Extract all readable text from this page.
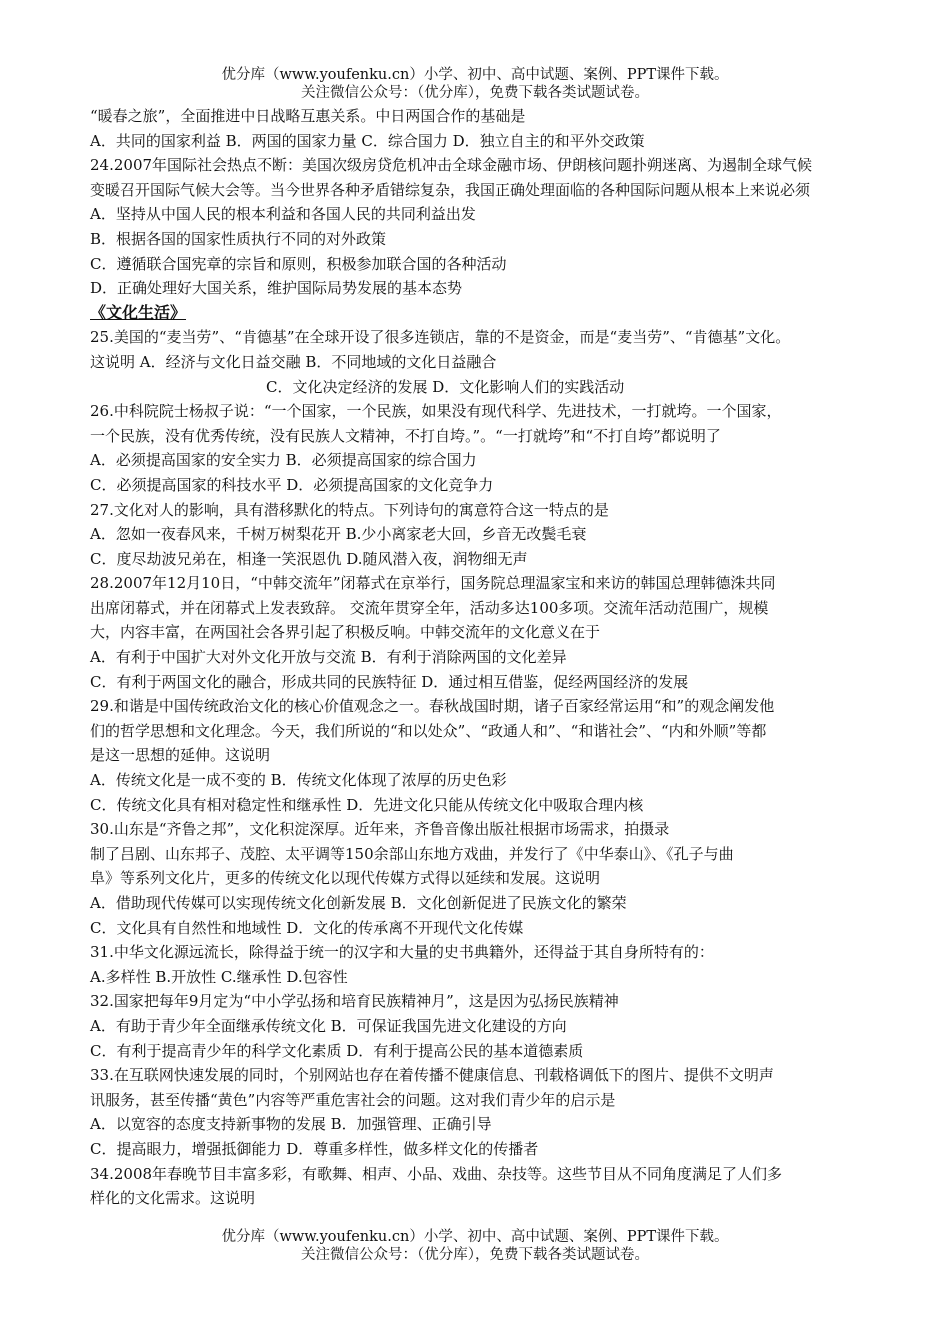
优分库（www.youfenku.cn）小学、初中、高中试题、案例、PPT课件下载。
关注微信公众号：（优分库），免费下载各类试题试卷。
“暖春之旅”，全面推进中日战略互惠关系。中日两国合作的基础是
A．共同的国家利益 B．两国的国家力量 C．综合国力 D．独立自主的和平外交政策
24.2007年国际社会热点不断：美国次级房贷危机冲击全球金融市场、伊朗核问题扑朔迷离、为遏制全球气候
变暖召开国际气候大会等。当今世界各种矛盾错综复杂，我国正确处理面临的各种国际问题从根本上来说必须
A．坚持从中国人民的根本利益和各国人民的共同利益出发
B．根据各国的国家性质执行不同的对外政策
C．遵循联合国宪章的宗旨和原则，积极参加联合国的各种活动
D．正确处理好大国关系，维护国际局势发展的基本态势
《文化生活》
25.美国的“麦当劳”、“肯德基”在全球开设了很多连锁店，靠的不是资金，而是“麦当劳”、“肯德基”文化。
这说明 A．经济与文化日益交融 B．不同地域的文化日益融合
C．文化决定经济的发展 D．文化影响人们的实践活动
26.中科院院士杨叔子说：“一个国家，一个民族，如果没有现代科学、先进技术，一打就垮。一个国家，
一个民族，没有优秀传统，没有民族人文精神，不打自垮。”。“一打就垮”和“不打自垮”都说明了
A．必须提高国家的安全实力 B．必须提高国家的综合国力
C．必须提高国家的科技水平 D．必须提高国家的文化竞争力
27.文化对人的影响，具有潜移默化的特点。下列诗句的寓意符合这一特点的是
A．忽如一夜春风来，千树万树梨花开 B.少小离家老大回，乡音无改鬓毛衰
C．度尽劫波兄弟在，相逢一笑泯恩仇 D.随风潜入夜，润物细无声
28.2007年12月10日，“中韩交流年”闭幕式在京举行，国务院总理温家宝和来访的韩国总理韩德洙共同
出席闭幕式，并在闭幕式上发表致辞。 交流年贯穿全年，活动多达100多项。交流年活动范围广，规模
大，内容丰富，在两国社会各界引起了积极反响。中韩交流年的文化意义在于
A．有利于中国扩大对外文化开放与交流 B．有利于消除两国的文化差异
C．有利于两国文化的融合，形成共同的民族特征 D．通过相互借鉴，促经两国经济的发展
29.和谐是中国传统政治文化的核心价值观念之一。春秋战国时期，诸子百家经常运用“和”的观念阐发他
们的哲学思想和文化理念。今天，我们所说的“和以处众”、“政通人和”、“和谐社会”、“内和外顺”等都
是这一思想的延伸。这说明
A．传统文化是一成不变的 B．传统文化体现了浓厚的历史色彩
C．传统文化具有相对稳定性和继承性 D．先进文化只能从传统文化中吸取合理内核
30.山东是“齐鲁之邦”，文化积淀深厚。近年来，齐鲁音像出版社根据市场需求，拍摄录
制了吕剧、山东邦子、茂腔、太平调等150余部山东地方戏曲，并发行了《中华泰山》、《孔子与曲
阜》等系列文化片，更多的传统文化以现代传媒方式得以延续和发展。这说明
A．借助现代传媒可以实现传统文化创新发展 B．文化创新促进了民族文化的繁荣
C．文化具有自然性和地域性 D．文化的传承离不开现代文化传媒
31.中华文化源远流长，除得益于统一的汉字和大量的史书典籍外，还得益于其自身所特有的：
A.多样性 B.开放性 C.继承性 D.包容性
32.国家把每年9月定为“中小学弘扬和培育民族精神月”，这是因为弘扬民族精神
A．有助于青少年全面继承传统文化 B．可保证我国先进文化建设的方向
C．有利于提高青少年的科学文化素质 D．有利于提高公民的基本道德素质
33.在互联网快速发展的同时，个别网站也存在着传播不健康信息、刊载格调低下的图片、提供不文明声
讯服务，甚至传播“黄色”内容等严重危害社会的问题。这对我们青少年的启示是
A．以宽容的态度支持新事物的发展 B．加强管理、正确引导
C．提高眼力，增强抵御能力 D．尊重多样性，做多样文化的传播者
34.2008年春晚节目丰富多彩，有歌舞、相声、小品、戏曲、杂技等。这些节目从不同角度满足了人们多
样化的文化需求。这说明
优分库（www.youfenku.cn）小学、初中、高中试题、案例、PPT课件下载。
关注微信公众号：（优分库），免费下载各类试题试卷。
